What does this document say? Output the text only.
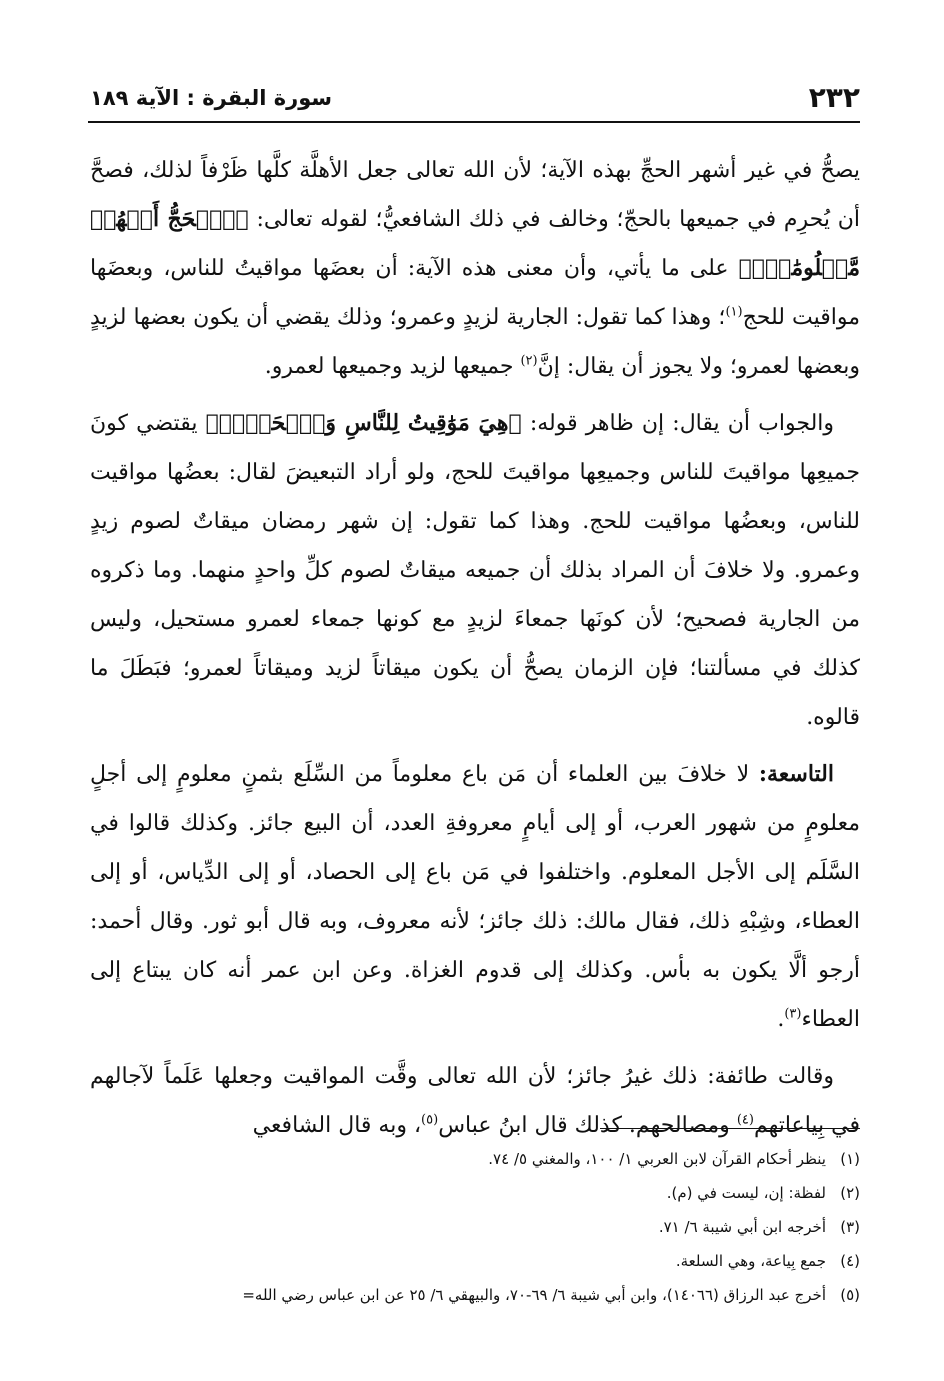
٢٣٢
سورة البقرة : الآية ١٨٩

يصحُّ في غير أشهر الحجِّ بهذه الآية؛ لأن الله تعالى جعل الأهلَّة كلَّها ظَرْفاً لذلك، فصحَّ أن يُحرِم في جميعها بالحجّ؛ وخالف في ذلك الشافعيُّ؛ لقوله تعالى: ﴿ٱلۡحَجُّ أَشۡهُرٞ مَّعۡلُومَٰتٞۚ﴾ على ما يأتي، وأن معنى هذه الآية: أن بعضَها مواقيتُ للناس، وبعضَها مواقيت للحج$^{(١)}$؛ وهذا كما تقول: الجارية لزيدٍ وعمرو؛ وذلك يقضي أن يكون بعضها لزيدٍ وبعضها لعمرو؛ ولا يجوز أن يقال: إنَّ$^{(٢)}$ جميعها لزيد وجميعها لعمرو.

والجواب أن يقال: إن ظاهر قوله: ﴿هِيَ مَوَٰقِيتُ لِلنَّاسِ وَٱلۡحَجِّۗ﴾ يقتضي كونَ جميعِها مواقيتَ للناس وجميعِها مواقيتَ للحج، ولو أراد التبعيضَ لقال: بعضُها مواقيت للناس، وبعضُها مواقيت للحج. وهذا كما تقول: إن شهر رمضان ميقاتٌ لصوم زيدٍ وعمرو. ولا خلافَ أن المراد بذلك أن جميعه ميقاتٌ لصوم كلِّ واحدٍ منهما. وما ذكروه من الجارية فصحيح؛ لأن كونَها جمعاءَ لزيدٍ مع كونها جمعاء لعمرو مستحيل، وليس كذلك في مسألتنا؛ فإن الزمان يصحُّ أن يكون ميقاتاً لزيد وميقاتاً لعمرو؛ فبَطَلَ ما قالوه.

التاسعة: لا خلافَ بين العلماء أن مَن باع معلوماً من السِّلَع بثمنٍ معلومٍ إلى أجلٍ معلومٍ من شهور العرب، أو إلى أيامٍ معروفةِ العدد، أن البيع جائز. وكذلك قالوا في السَّلَم إلى الأجل المعلوم. واختلفوا في مَن باع إلى الحصاد، أو إلى الدِّياس، أو إلى العطاء، وشِبْهِ ذلك، فقال مالك: ذلك جائز؛ لأنه معروف، وبه قال أبو ثور. وقال أحمد: أرجو ألَّا يكون به بأس. وكذلك إلى قدوم الغزاة. وعن ابن عمر أنه كان يبتاع إلى العطاء$^{(٣)}$.

وقالت طائفة: ذلك غيرُ جائز؛ لأن الله تعالى وقَّت المواقيت وجعلها عَلَماً لآجالهم في بِياعاتهم$^{(٤)}$ ومصالحهم. كذلك قال ابنُ عباس$^{(٥)}$، وبه قال الشافعي

(١)ينظر أحكام القرآن لابن العربي ١/ ١٠٠، والمغني ٥/ ٧٤.
(٢)لفظة: إن، ليست في (م).
(٣)أخرجه ابن أبي شيبة ٦/ ٧١.
(٤)جمع بِياعة، وهي السلعة.
(٥)أخرج عبد الرزاق (١٤٠٦٦)، وابن أبي شيبة ٦/ ٦٩-٧٠، والبيهقي ٦/ ٢٥ عن ابن عباس رضي الله=
